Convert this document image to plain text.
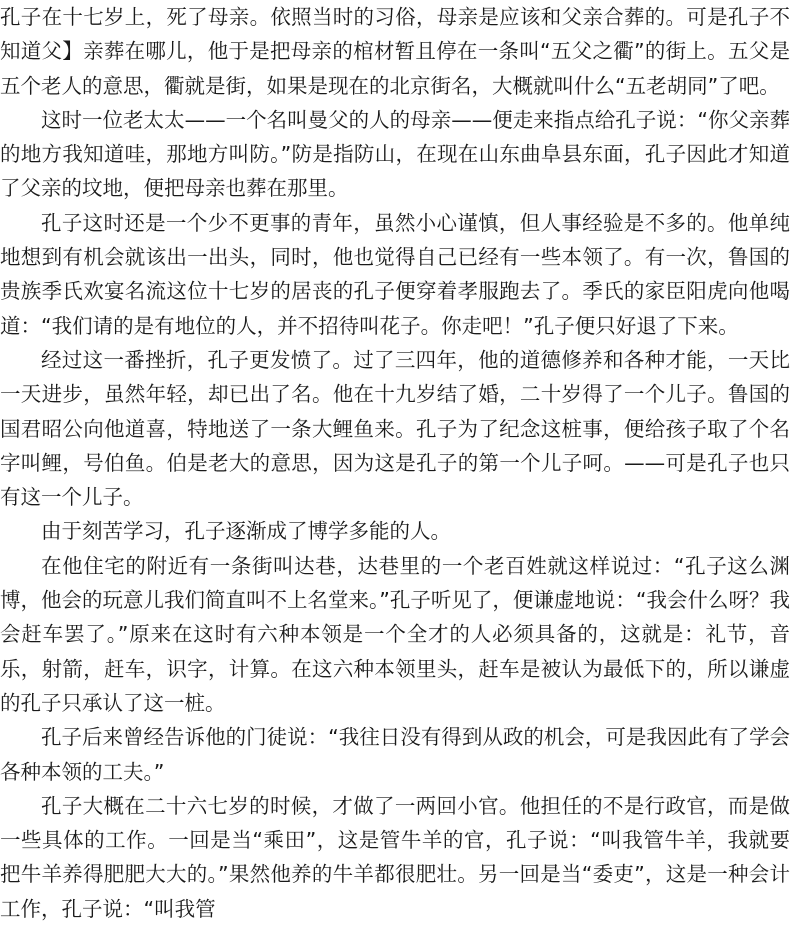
孔子在十七岁上，死了母亲。依照当时的习俗，母亲是应该和父亲合葬的。可是孔子不知道父】亲葬在哪儿，他于是把母亲的棺材暂且停在一条叫“五父之衢”的街上。五父是五个老人的意思，衢就是街，如果是现在的北京街名，大概就叫什么“五老胡同”了吧。

这时一位老太太——一个名叫曼父的人的母亲——便走来指点给孔子说：“你父亲葬的地方我知道哇，那地方叫防。”防是指防山，在现在山东曲阜县东面，孔子因此才知道了父亲的坟地，便把母亲也葬在那里。

孔子这时还是一个少不更事的青年，虽然小心谨慎，但人事经验是不多的。他单纯地想到有机会就该出一出头，同时，他也觉得自己已经有一些本领了。有一次，鲁国的贵族季氏欢宴名流这位十七岁的居丧的孔子便穿着孝服跑去了。季氏的家臣阳虎向他喝道：“我们请的是有地位的人，并不招待叫花子。你走吧！”孔子便只好退了下来。

经过这一番挫折，孔子更发愤了。过了三四年，他的道德修养和各种才能，一天比一天进步，虽然年轻，却已出了名。他在十九岁结了婚，二十岁得了一个儿子。鲁国的国君昭公向他道喜，特地送了一条大鲤鱼来。孔子为了纪念这桩事，便给孩子取了个名字叫鲤，号伯鱼。伯是老大的意思，因为这是孔子的第一个儿子呵。——可是孔子也只有这一个儿子。

由于刻苦学习，孔子逐渐成了博学多能的人。

在他住宅的附近有一条街叫达巷，达巷里的一个老百姓就这样说过：“孔子这么渊博，他会的玩意儿我们简直叫不上名堂来。”孔子听见了，便谦虚地说：“我会什么呀？我会赶车罢了。”原来在这时有六种本领是一个全才的人必须具备的，这就是：礼节，音乐，射箭，赶车，识字，计算。在这六种本领里头，赶车是被认为最低下的，所以谦虚的孔子只承认了这一桩。

孔子后来曾经告诉他的门徒说：“我往日没有得到从政的机会，可是我因此有了学会各种本领的工夫。”

孔子大概在二十六七岁的时候，才做了一两回小官。他担任的不是行政官，而是做一些具体的工作。一回是当“乘田”，这是管牛羊的官，孔子说：“叫我管牛羊，我就要把牛羊养得肥肥大大的。”果然他养的牛羊都很肥壮。另一回是当“委吏”，这是一种会计工作，孔子说：“叫我管
